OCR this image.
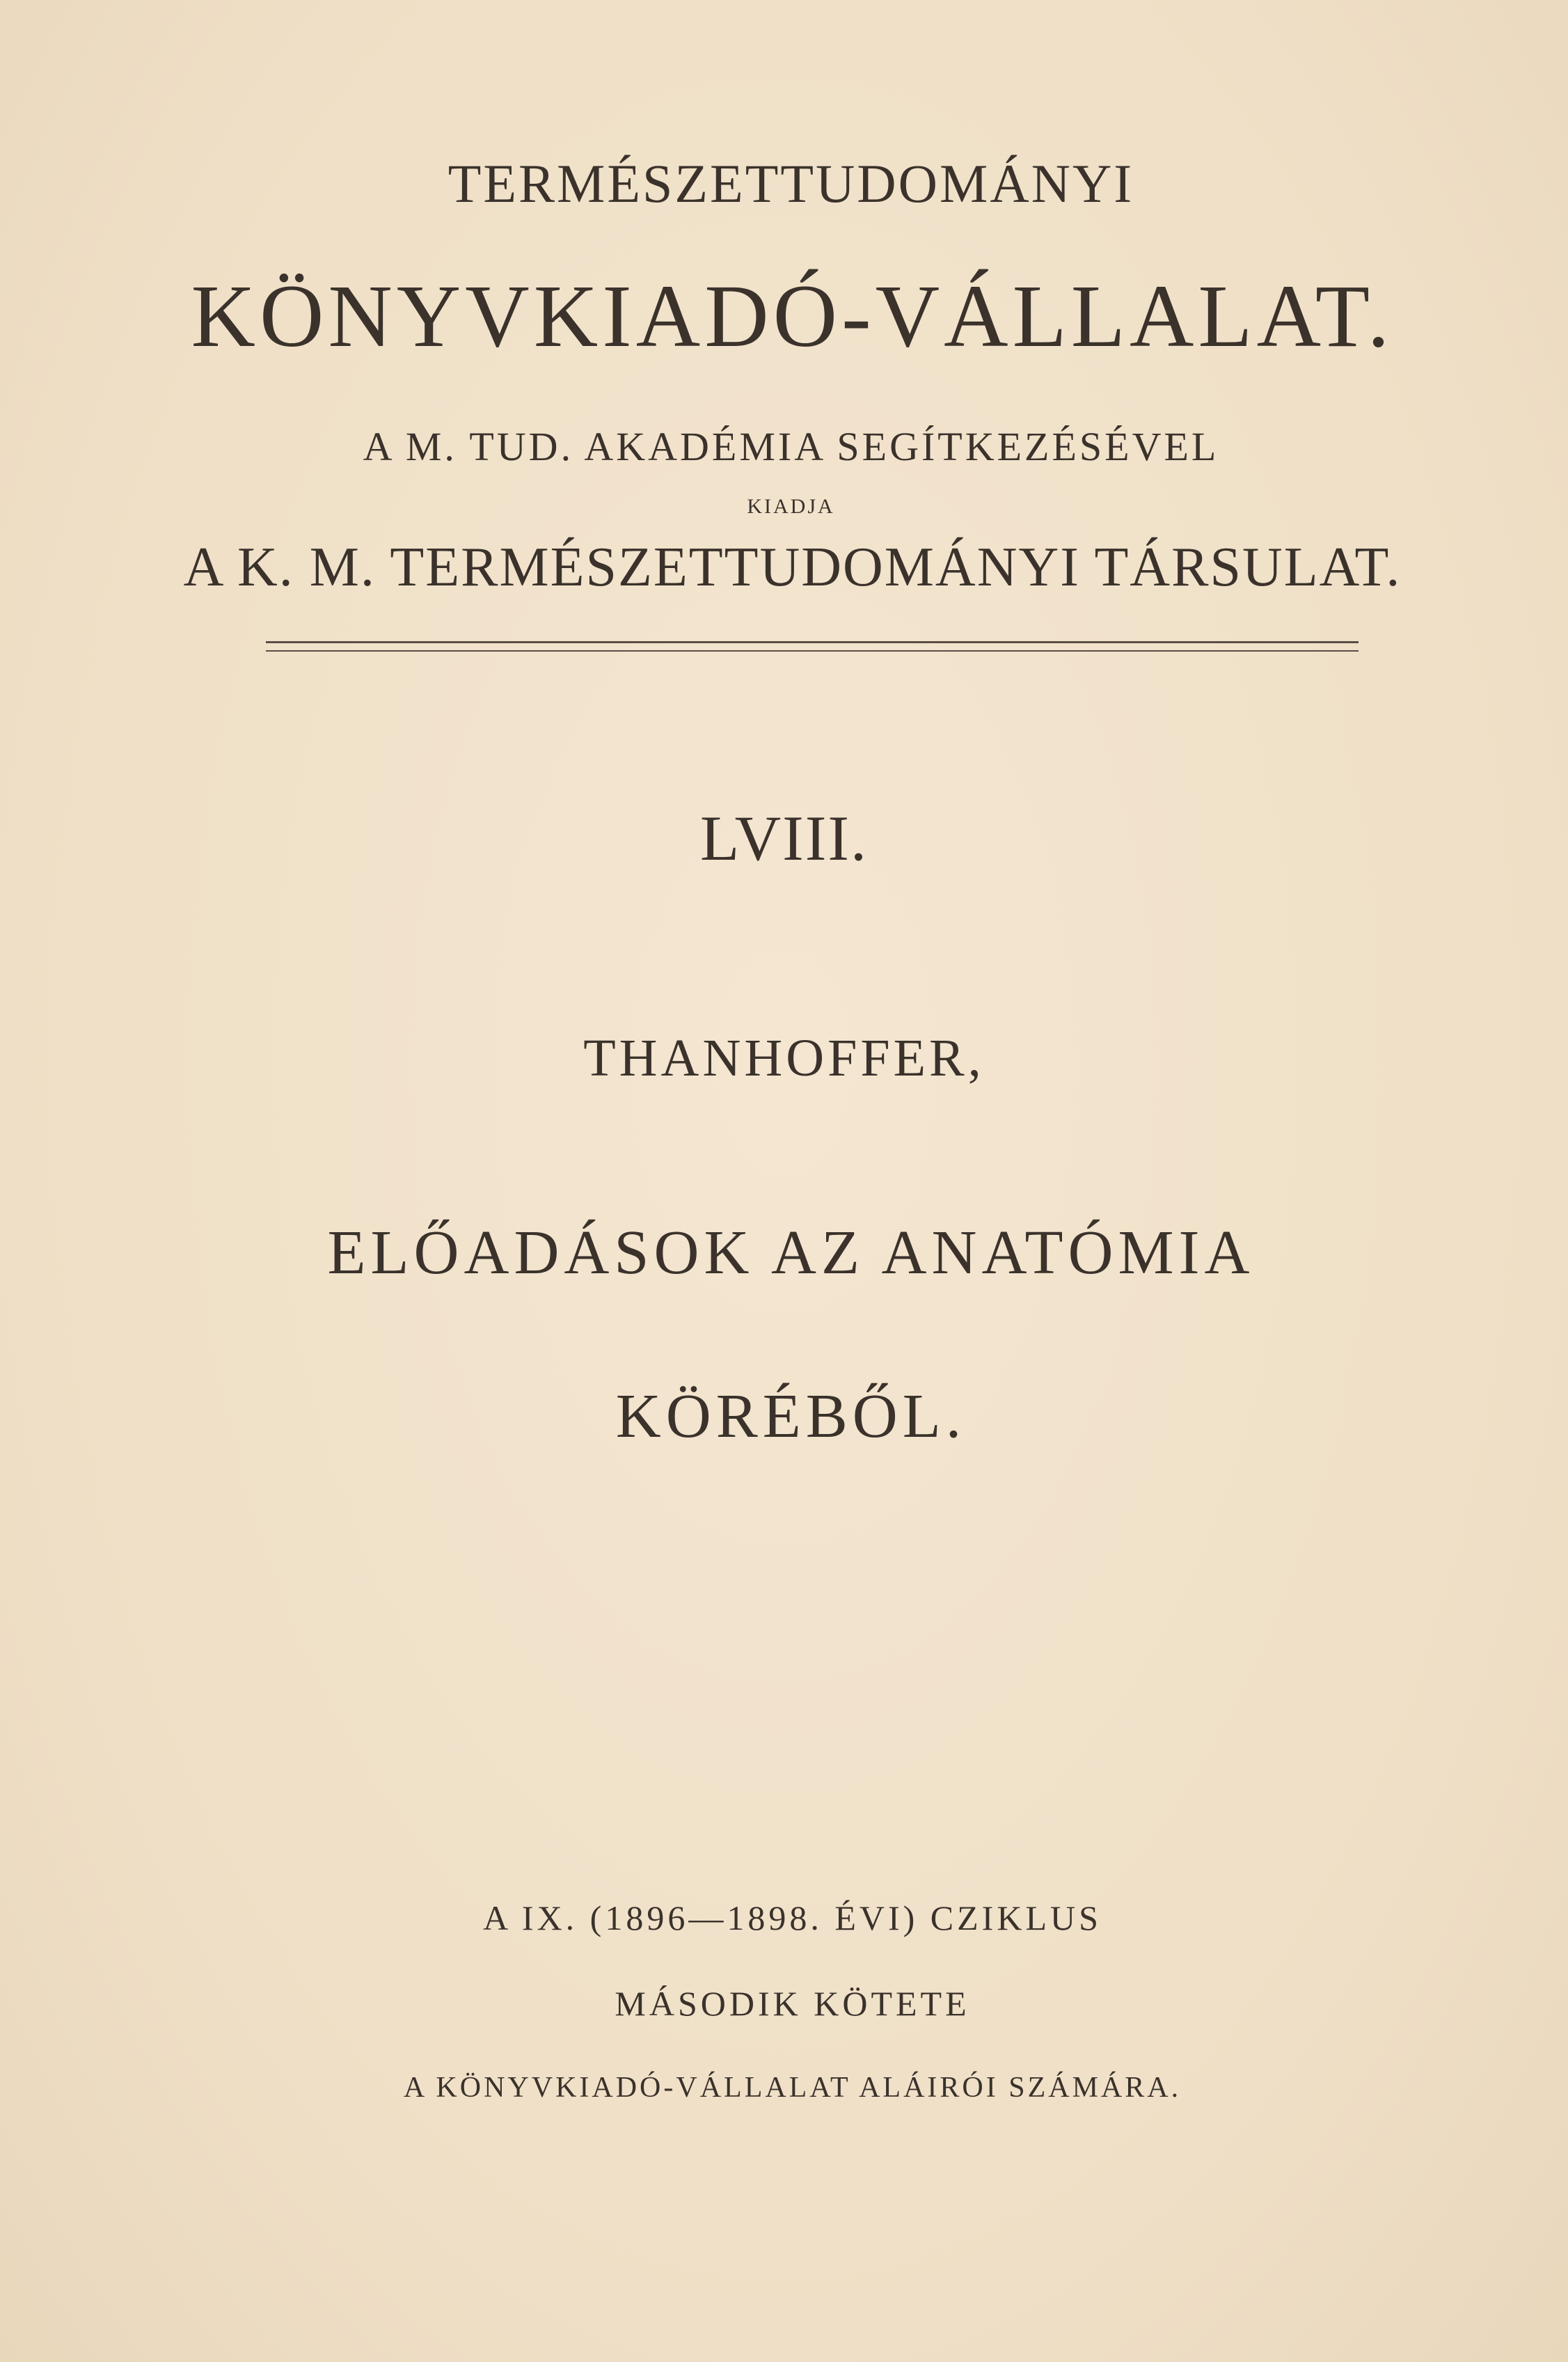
TERMÉSZETTUDOMÁNYI
KÖNYVKIADÓ-VÁLLALAT.
A M. TUD. AKADÉMIA SEGÍTKEZÉSÉVEL
KIADJA
A K. M. TERMÉSZETTUDOMÁNYI TÁRSULAT.
LVIII.
THANHOFFER,
ELŐADÁSOK AZ ANATÓMIA
KÖRÉBŐL.
A IX. (1896—1898. ÉVI) CZIKLUS
MÁSODIK KÖTETE
A KÖNYVKIADÓ-VÁLLALAT ALÁIRÓI SZÁMÁRA.
